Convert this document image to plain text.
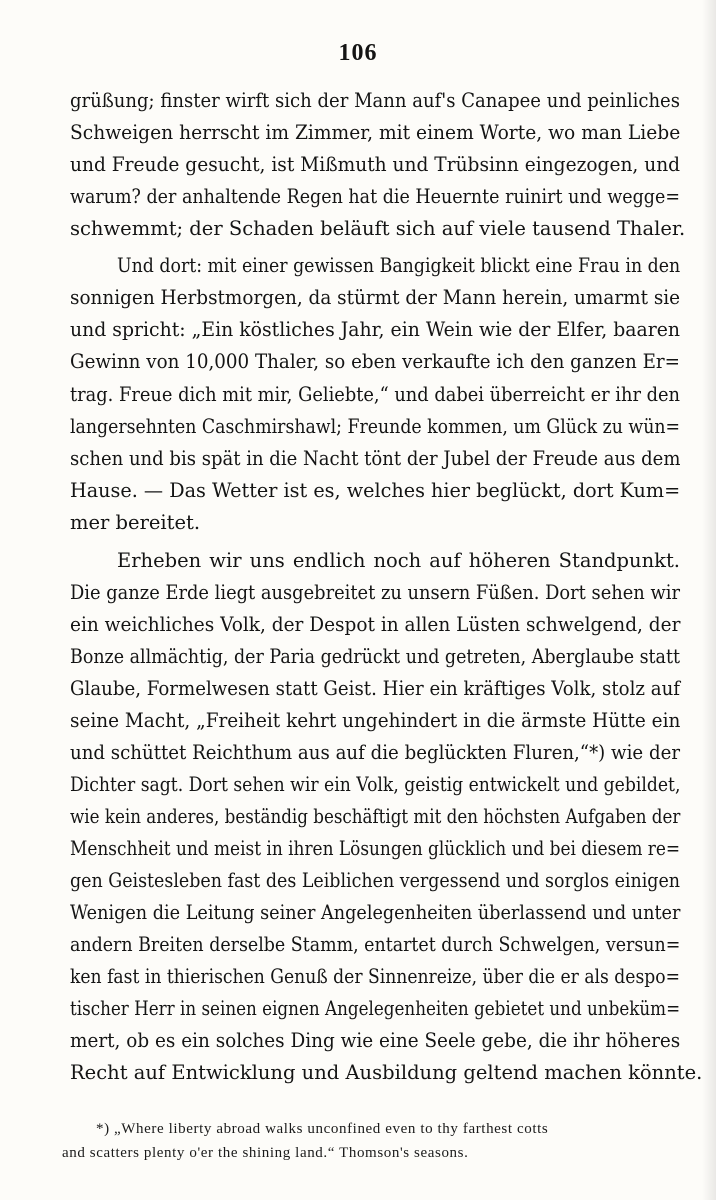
106
grüßung; finster wirft sich der Mann auf's Canapee und peinliches
Schweigen herrscht im Zimmer, mit einem Worte, wo man Liebe
und Freude gesucht, ist Mißmuth und Trübsinn eingezogen, und
warum? der anhaltende Regen hat die Heuernte ruinirt und wegge=
schwemmt; der Schaden beläuft sich auf viele tausend Thaler.
Und dort: mit einer gewissen Bangigkeit blickt eine Frau in den
sonnigen Herbstmorgen, da stürmt der Mann herein, umarmt sie
und spricht: „Ein köstliches Jahr, ein Wein wie der Elfer, baaren
Gewinn von 10,000 Thaler, so eben verkaufte ich den ganzen Er=
trag. Freue dich mit mir, Geliebte,“ und dabei überreicht er ihr den
langersehnten Caschmirshawl; Freunde kommen, um Glück zu wün=
schen und bis spät in die Nacht tönt der Jubel der Freude aus dem
Hause. — Das Wetter ist es, welches hier beglückt, dort Kum=
mer bereitet.
Erheben wir uns endlich noch auf höheren Standpunkt.
Die ganze Erde liegt ausgebreitet zu unsern Füßen. Dort sehen wir
ein weichliches Volk, der Despot in allen Lüsten schwelgend, der
Bonze allmächtig, der Paria gedrückt und getreten, Aberglaube statt
Glaube, Formelwesen statt Geist. Hier ein kräftiges Volk, stolz auf
seine Macht, „Freiheit kehrt ungehindert in die ärmste Hütte ein
und schüttet Reichthum aus auf die beglückten Fluren,“*) wie der
Dichter sagt. Dort sehen wir ein Volk, geistig entwickelt und gebildet,
wie kein anderes, beständig beschäftigt mit den höchsten Aufgaben der
Menschheit und meist in ihren Lösungen glücklich und bei diesem re=
gen Geistesleben fast des Leiblichen vergessend und sorglos einigen
Wenigen die Leitung seiner Angelegenheiten überlassend und unter
andern Breiten derselbe Stamm, entartet durch Schwelgen, versun=
ken fast in thierischen Genuß der Sinnenreize, über die er als despo=
tischer Herr in seinen eignen Angelegenheiten gebietet und unbeküm=
mert, ob es ein solches Ding wie eine Seele gebe, die ihr höheres
Recht auf Entwicklung und Ausbildung geltend machen könnte.
*) „Where liberty abroad walks unconfined even to thy farthest cotts
and scatters plenty o'er the shining land.“ Thomson's seasons.
